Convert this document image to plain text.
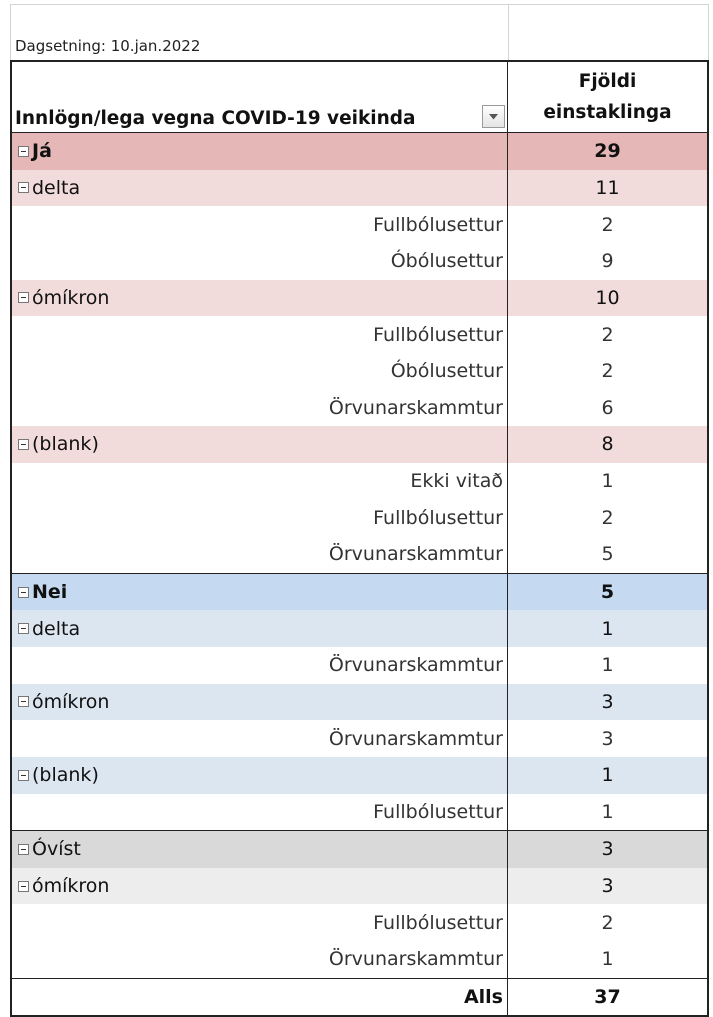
Dagsetning: 10.jan.2022
Innlögn/lega vegna COVID-19 veikinda
Fjöldi
einstaklinga
Já	29
delta	11
Fullbólusettur	2
Óbólusettur	9
ómíkron	10
Fullbólusettur	2
Óbólusettur	2
Örvunarskammtur	6
(blank)	8
Ekki vitað	1
Fullbólusettur	2
Örvunarskammtur	5
Nei	5
delta	1
Örvunarskammtur	1
ómíkron	3
Örvunarskammtur	3
(blank)	1
Fullbólusettur	1
Óvíst	3
ómíkron	3
Fullbólusettur	2
Örvunarskammtur	1
Alls	37
